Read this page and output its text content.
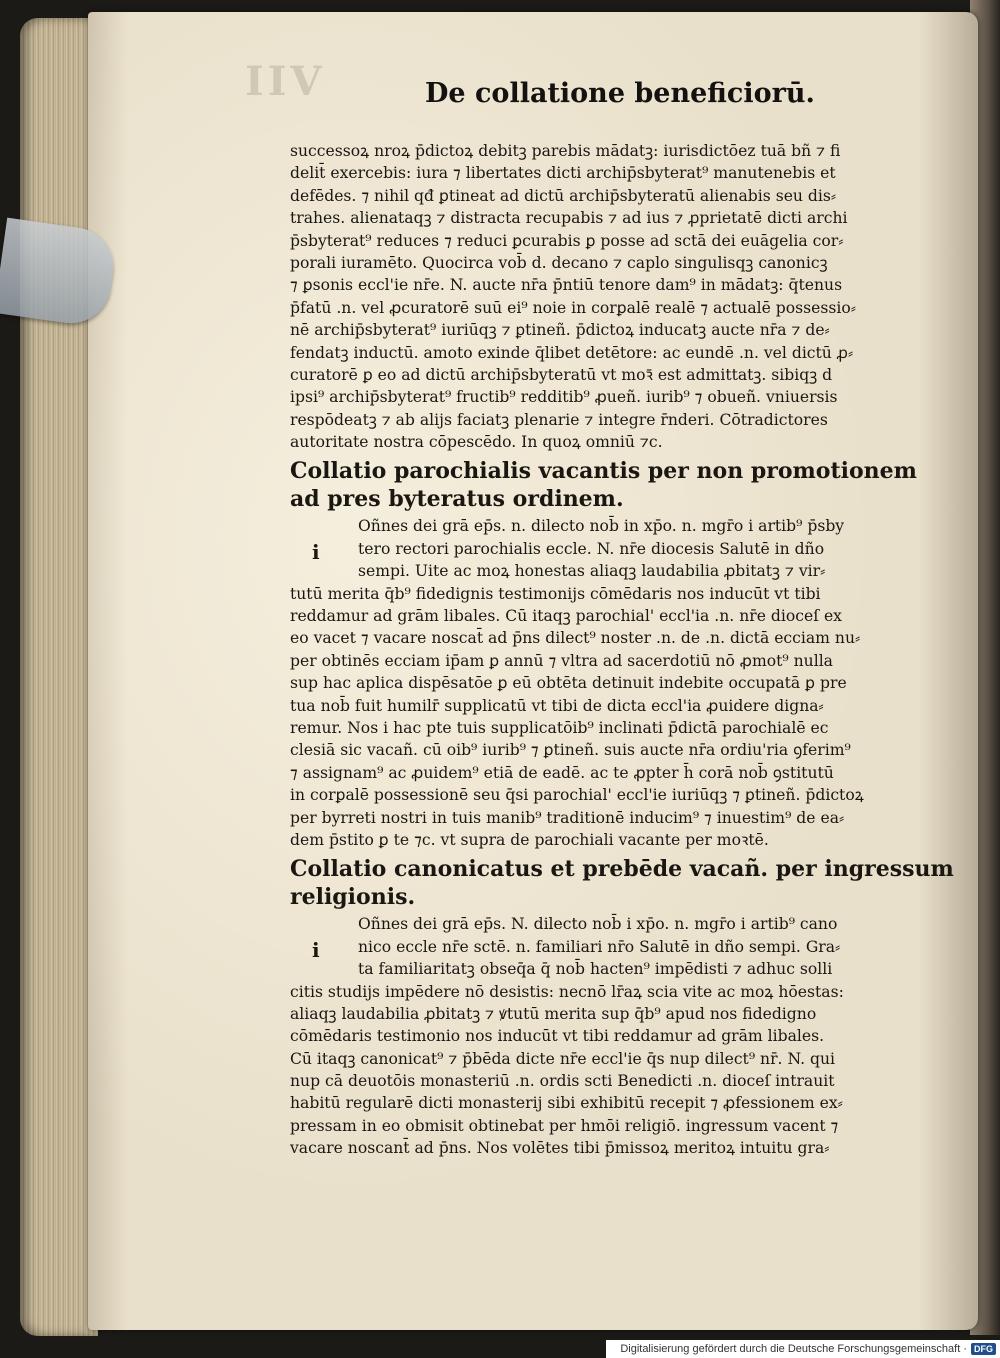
IIV	De collatione beneficiorū.
successoꝝ nroꝝ p̄dictoꝝ debitꝫ parebis mādatꝫ: iurisdictōez tuā bñ ⁊ fi
delit̄ exercebis: iura ⁊ libertates dicti archip̄sbyterat⁹ manutenebis et
defēdes. ⁊ nihil qđ ꝑtineat ad dictū archip̄sbyteratū alienabis seu dis⸗
trahes. alienataqꝫ ⁊ distracta recupabis ⁊ ad ius ⁊ ꝓprietatē dicti archi
p̄sbyterat⁹ reduces ⁊ reduci ꝑcurabis ꝑ posse ad sctā dei euāgelia cor⸗
porali iuramēto. Quocirca vob̄ d. decano ⁊ caplo singulisqꝫ canonicꝫ
⁊ ꝑsonis eccl'ie nr̄e. N. aucte nr̄a p̄ntiū tenore dam⁹ in mādatꝫ: q̄tenus
p̄fatū .n. vel ꝓcuratorē suū ei⁹ noie in corꝑalē realē ⁊ actualē possessio⸗
nē archip̄sbyterat⁹ iuriūqꝫ ⁊ ꝑtineñ. p̄dictoꝝ inducatꝫ aucte nr̄a ⁊ de⸗
fendatꝫ inductū. amoto exinde q̄libet detētore: ac eundē .n. vel dictū ꝓ⸗
curatorē ꝑ eo ad dictū archip̄sbyteratū vt moꝛ̄ est admittatꝫ. sibiqꝫ d
ipsi⁹ archip̄sbyterat⁹ fructib⁹ redditib⁹ ꝓueñ. iurib⁹ ⁊ obueñ. vniuersis
respōdeatꝫ ⁊ ab alijs faciatꝫ plenarie ⁊ integre r̄nderi. Cōtradictores
autoritate nostra cōpescēdo. In quoꝝ omniū ⁊c.
Collatio parochialis vacantis per non promotionem
ad pres byteratus ordinem.
i
Oñnes dei grā ep̄s. n. dilecto nob̄ in xp̄o. n. mgr̄o i artib⁹ p̄sby
tero rectori parochialis eccle. N. nr̄e diocesis Salutē in dño
sempi. Uite ac moꝝ honestas aliaqꝫ laudabilia ꝓbitatꝫ ⁊ vir⸗
tutū merita q̄b⁹ fidedignis testimonijs cōmēdaris nos inducūt vt tibi
reddamur ad grām libales. Cū itaqꝫ parochial' eccl'ia .n. nr̄e dioceſ ex
eo vacet ⁊ vacare noscat̄ ad p̄ns dilect⁹ noster .n. de .n. dictā ecciam nu⸗
per obtinēs ecciam ip̄am ꝑ annū ⁊ vltra ad sacerdotiū nō ꝓmot⁹ nulla
sup hac aplica dispēsatōe ꝑ eū obtēta detinuit indebite occupatā ꝑ pre
tua nob̄ fuit humilr̄ supplicatū vt tibi de dicta eccl'ia ꝓuidere digna⸗
remur. Nos i hac pte tuis supplicatōib⁹ inclinati p̄dictā parochialē ec
clesiā sic vacañ. cū oib⁹ iurib⁹ ⁊ ꝑtineñ. suis aucte nr̄a ordiu'ria ꝯferim⁹
⁊ assignam⁹ ac ꝓuidem⁹ etiā de eadē. ac te ꝓpter h̄ corā nob̄ ꝯstitutū
in corꝑalē possessionē seu q̄si parochial' eccl'ie iuriūqꝫ ⁊ ꝑtineñ. p̄dictoꝝ
per byrreti nostri in tuis manib⁹ traditionē inducim⁹ ⁊ inuestim⁹ de ea⸗
dem p̄stito ꝑ te ⁊c. vt supra de parochiali vacante per moꝛtē.
Collatio canonicatus et prebēde vacañ. per ingressum
religionis.
i
Oñnes dei grā ep̄s. N. dilecto nob̄ i xp̄o. n. mgr̄o i artib⁹ cano
nico eccle nr̄e sctē. n. familiari nr̄o Salutē in dño sempi. Gra⸗
ta familiaritatꝫ obseq̄a q̄ nob̄ hacten⁹ impēdisti ⁊ adhuc solli
citis studijs impēdere nō desistis: necnō lr̄aꝝ scia vite ac moꝝ hōestas:
aliaqꝫ laudabilia ꝓbitatꝫ ⁊ ꝟtutū merita sup q̄b⁹ apud nos fidedigno
cōmēdaris testimonio nos inducūt vt tibi reddamur ad grām libales.
Cū itaqꝫ canonicat⁹ ⁊ p̄bēda dicte nr̄e eccl'ie q̄s nup dilect⁹ nr̄. N. qui
nup cā deuotōis monasteriū .n. ordis scti Benedicti .n. dioceſ intrauit
habitū regularē dicti monasterij sibi exhibitū recepit ⁊ ꝓfessionem ex⸗
pressam in eo obmisit obtinebat per hmōi religiō. ingressum vacent ⁊
vacare noscant̄ ad p̄ns. Nos volētes tibi p̄missoꝝ meritoꝝ intuitu gra⸗
Digitalisierung gefördert durch die Deutsche Forschungsgemeinschaft · DFG
